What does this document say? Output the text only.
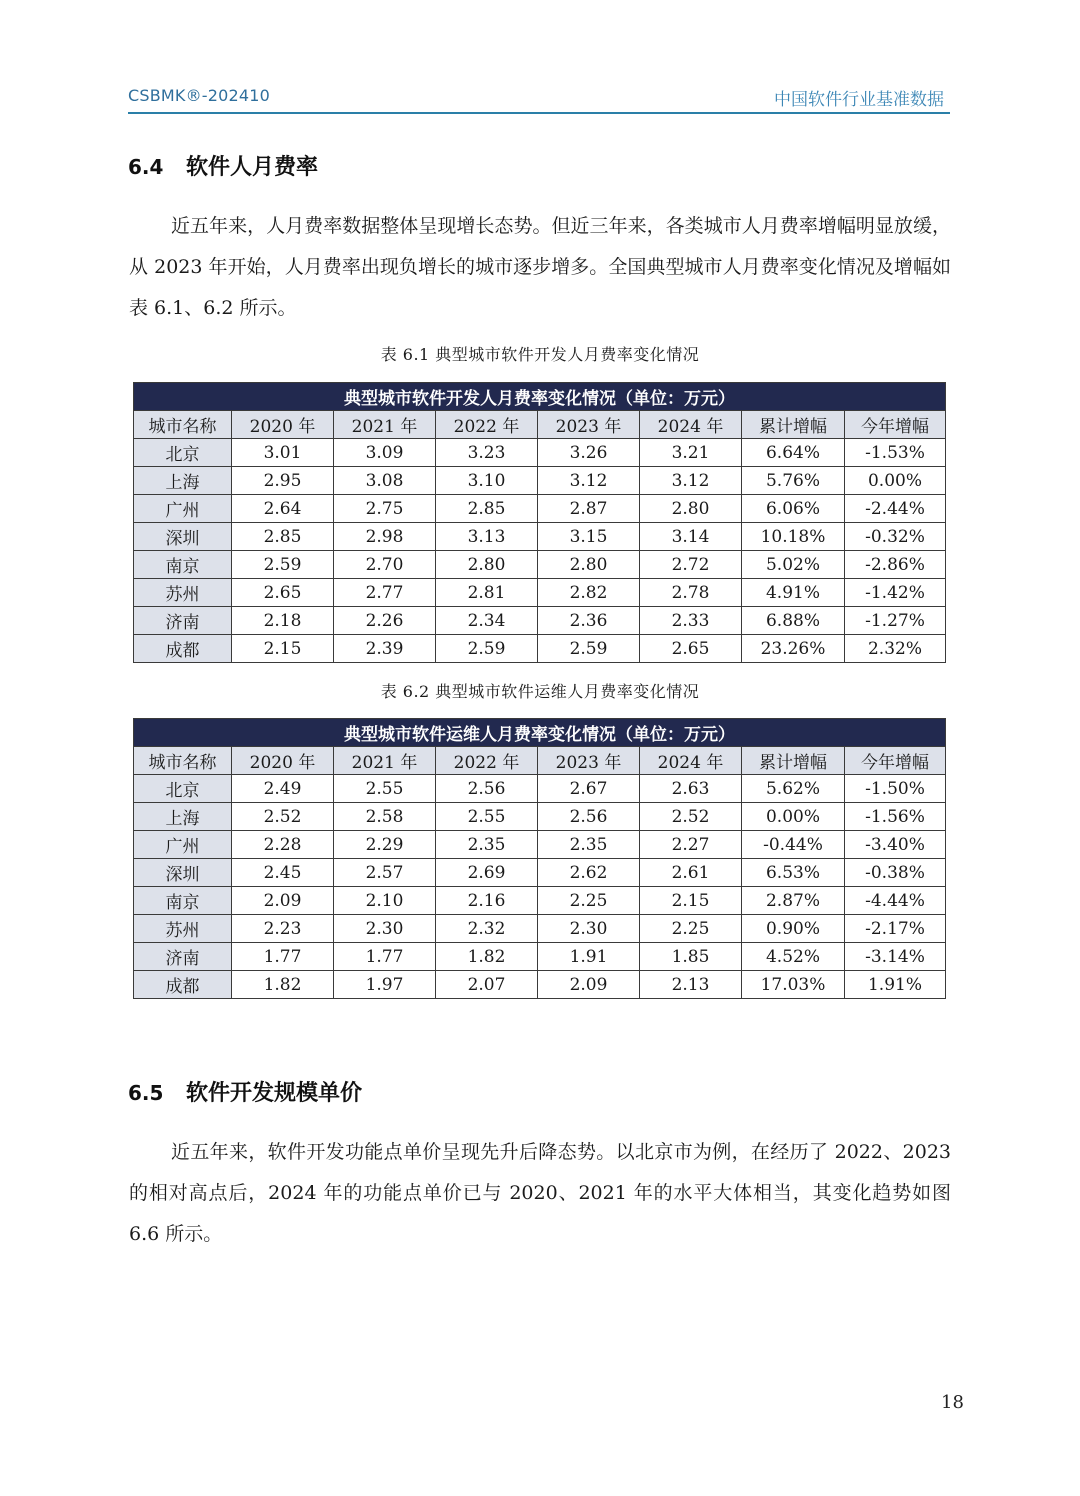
CSBMK®-202410	中国软件行业基准数据
6.4 软件人月费率

近五年来，人月费率数据整体呈现增长态势。但近三年来，各类城市人月费率增幅明显放缓，从 2023 年开始，人月费率出现负增长的城市逐步增多。全国典型城市人月费率变化情况及增幅如表 6.1、6.2 所示。

表 6.1 典型城市软件开发人月费率变化情况
典型城市软件开发人月费率变化情况（单位：万元）							
城市名称	2020 年	2021 年	2022 年	2023 年	2024 年	累计增幅	今年增幅
北京	3.01	3.09	3.23	3.26	3.21	6.64%	-1.53%
上海	2.95	3.08	3.10	3.12	3.12	5.76%	0.00%
广州	2.64	2.75	2.85	2.87	2.80	6.06%	-2.44%
深圳	2.85	2.98	3.13	3.15	3.14	10.18%	-0.32%
南京	2.59	2.70	2.80	2.80	2.72	5.02%	-2.86%
苏州	2.65	2.77	2.81	2.82	2.78	4.91%	-1.42%
济南	2.18	2.26	2.34	2.36	2.33	6.88%	-1.27%
成都	2.15	2.39	2.59	2.59	2.65	23.26%	2.32%
表 6.2 典型城市软件运维人月费率变化情况
典型城市软件运维人月费率变化情况（单位：万元）							
城市名称	2020 年	2021 年	2022 年	2023 年	2024 年	累计增幅	今年增幅
北京	2.49	2.55	2.56	2.67	2.63	5.62%	-1.50%
上海	2.52	2.58	2.55	2.56	2.52	0.00%	-1.56%
广州	2.28	2.29	2.35	2.35	2.27	-0.44%	-3.40%
深圳	2.45	2.57	2.69	2.62	2.61	6.53%	-0.38%
南京	2.09	2.10	2.16	2.25	2.15	2.87%	-4.44%
苏州	2.23	2.30	2.32	2.30	2.25	0.90%	-2.17%
济南	1.77	1.77	1.82	1.91	1.85	4.52%	-3.14%
成都	1.82	1.97	2.07	2.09	2.13	17.03%	1.91%
6.5 软件开发规模单价

近五年来，软件开发功能点单价呈现先升后降态势。以北京市为例，在经历了 2022、2023 的相对高点后，2024 年的功能点单价已与 2020、2021 年的水平大体相当，其变化趋势如图 6.6 所示。

18
